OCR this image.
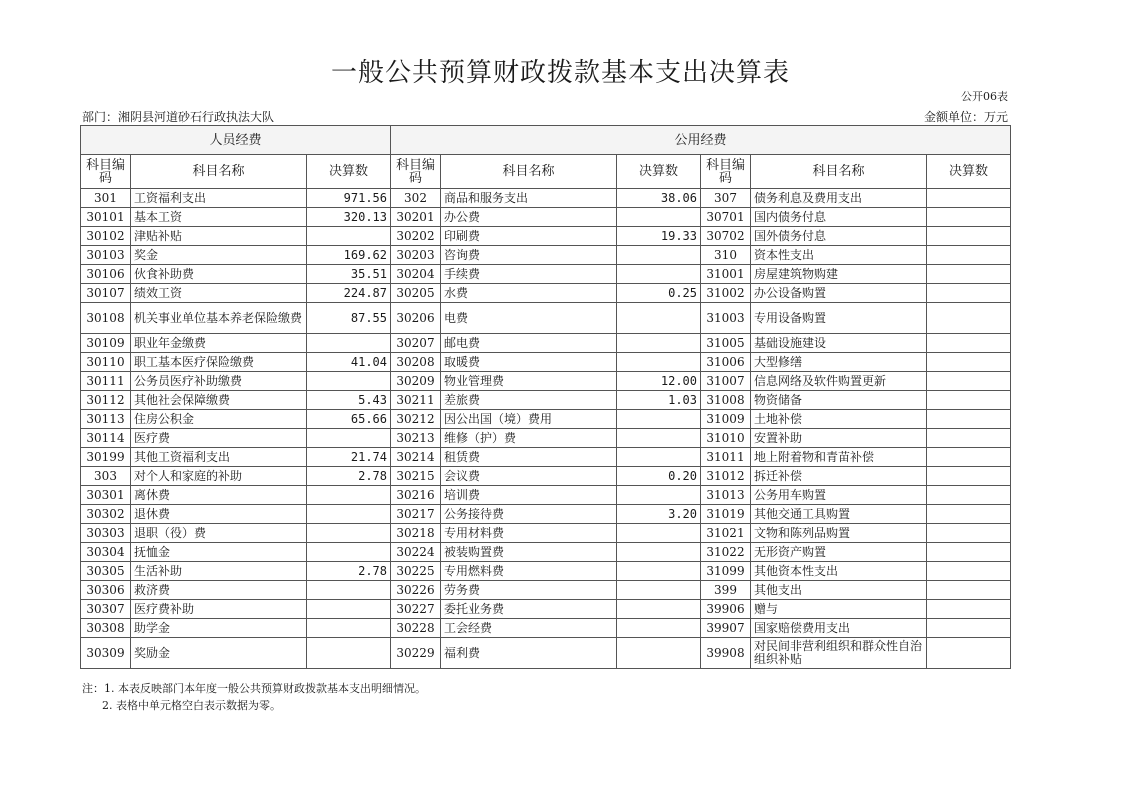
一般公共预算财政拨款基本支出决算表
公开06表
部门：湘阴县河道砂石行政执法大队	金额单位：万元
人员经费			公用经费					
科目编码	科目名称	决算数	科目编码	科目名称	决算数	科目编码	科目名称	决算数
301	工资福利支出	971.56	302	商品和服务支出	38.06	307	债务利息及费用支出	
30101	基本工资	320.13	30201	办公费		30701	国内债务付息	
30102	津贴补贴		30202	印刷费	19.33	30702	国外债务付息	
30103	奖金	169.62	30203	咨询费		310	资本性支出	
30106	伙食补助费	35.51	30204	手续费		31001	房屋建筑物购建	
30107	绩效工资	224.87	30205	水费	0.25	31002	办公设备购置	
30108	机关事业单位基本养老保险缴费	87.55	30206	电费		31003	专用设备购置	
30109	职业年金缴费		30207	邮电费		31005	基础设施建设	
30110	职工基本医疗保险缴费	41.04	30208	取暖费		31006	大型修缮	
30111	公务员医疗补助缴费		30209	物业管理费	12.00	31007	信息网络及软件购置更新	
30112	其他社会保障缴费	5.43	30211	差旅费	1.03	31008	物资储备	
30113	住房公积金	65.66	30212	因公出国（境）费用		31009	土地补偿	
30114	医疗费		30213	维修（护）费		31010	安置补助	
30199	其他工资福利支出	21.74	30214	租赁费		31011	地上附着物和青苗补偿	
303	对个人和家庭的补助	2.78	30215	会议费	0.20	31012	拆迁补偿	
30301	离休费		30216	培训费		31013	公务用车购置	
30302	退休费		30217	公务接待费	3.20	31019	其他交通工具购置	
30303	退职（役）费		30218	专用材料费		31021	文物和陈列品购置	
30304	抚恤金		30224	被装购置费		31022	无形资产购置	
30305	生活补助	2.78	30225	专用燃料费		31099	其他资本性支出	
30306	救济费		30226	劳务费		399	其他支出	
30307	医疗费补助		30227	委托业务费		39906	赠与	
30308	助学金		30228	工会经费		39907	国家赔偿费用支出	
30309	奖励金		30229	福利费		39908	对民间非营利组织和群众性自治组织补贴	
注：1. 本表反映部门本年度一般公共预算财政拨款基本支出明细情况。
2. 表格中单元格空白表示数据为零。
